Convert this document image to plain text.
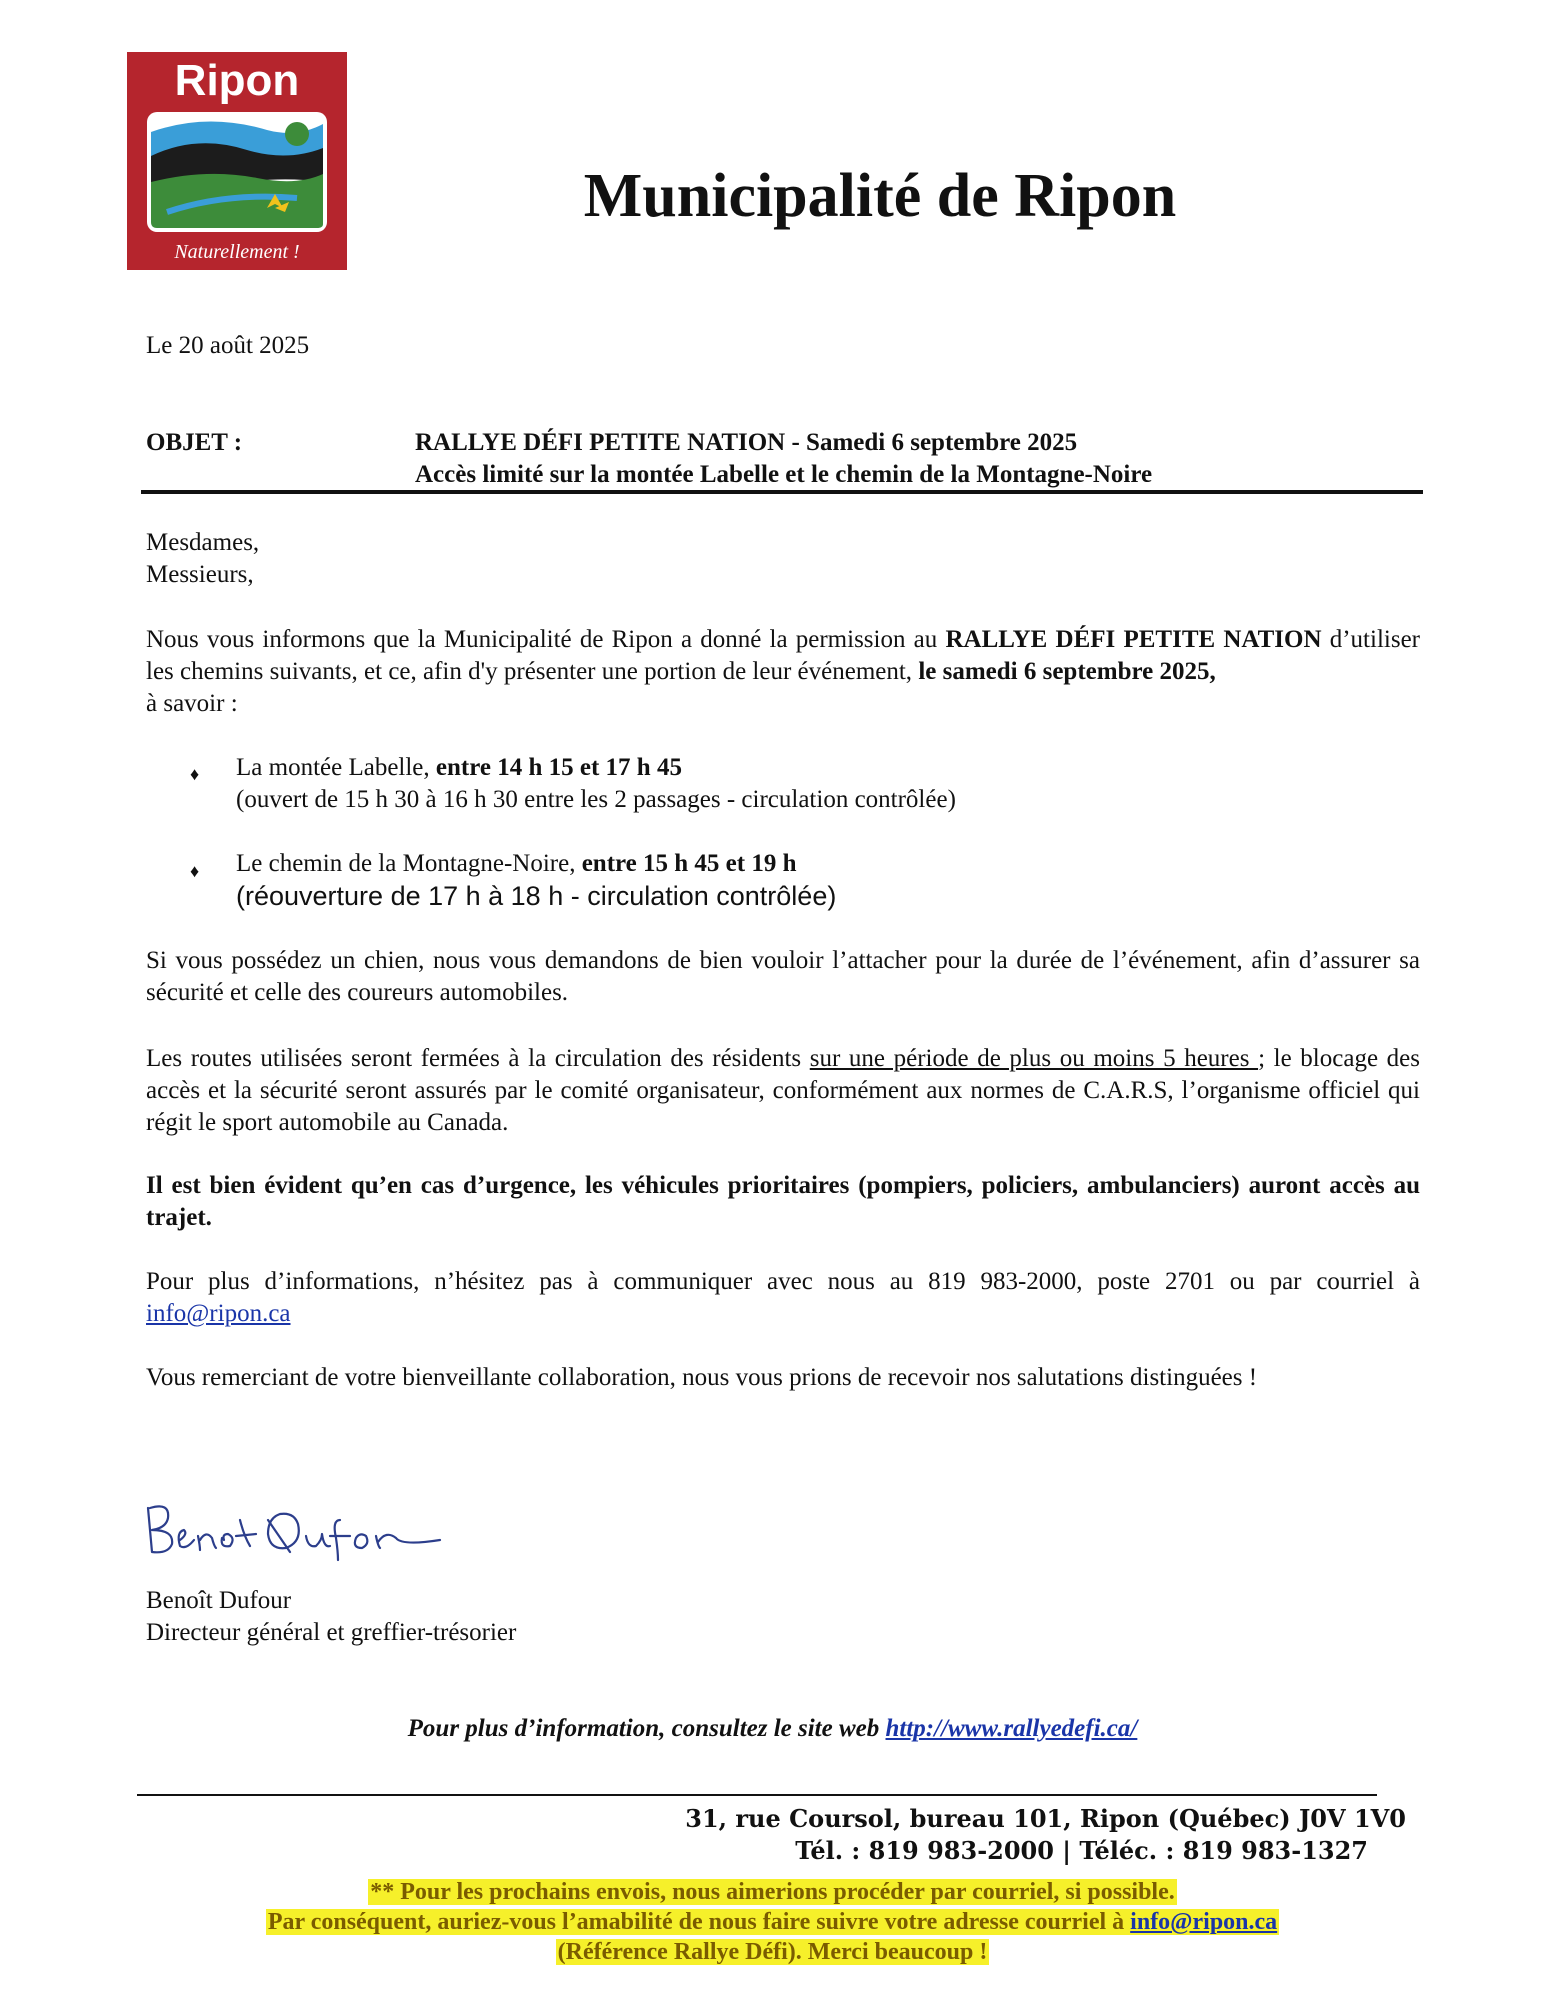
Ripon
Naturellement !
Municipalité de Ripon
Le 20 août 2025
OBJET :	RALLYE DÉFI PETITE NATION - Samedi 6 septembre 2025
Accès limité sur la montée Labelle et le chemin de la Montagne-Noire
Mesdames,
Messieurs,
Nous vous informons que la Municipalité de Ripon a donné la permission au RALLYE DÉFI PETITE NATION d’utiliser les chemins suivants, et ce, afin d'y présenter une portion de leur événement, le samedi 6 septembre 2025,
à savoir :
♦ La montée Labelle, entre 14 h 15 et 17 h 45
(ouvert de 15 h 30 à 16 h 30 entre les 2 passages - circulation contrôlée)
♦ Le chemin de la Montagne-Noire, entre 15 h 45 et 19 h
(réouverture de 17 h à 18 h - circulation contrôlée)
Si vous possédez un chien, nous vous demandons de bien vouloir l’attacher pour la durée de l’événement, afin d’assurer sa sécurité et celle des coureurs automobiles.
Les routes utilisées seront fermées à la circulation des résidents sur une période de plus ou moins 5 heures ; le blocage des accès et la sécurité seront assurés par le comité organisateur, conformément aux normes de C.A.R.S, l’organisme officiel qui régit le sport automobile au Canada.
Il est bien évident qu’en cas d’urgence, les véhicules prioritaires (pompiers, policiers, ambulanciers) auront accès au trajet.
Pour plus d’informations, n’hésitez pas à communiquer avec nous au 819 983-2000, poste 2701 ou par courriel à info@ripon.ca
Vous remerciant de votre bienveillante collaboration, nous vous prions de recevoir nos salutations distinguées !
Benoît Dufour
Benoît Dufour
Directeur général et greffier-trésorier
Pour plus d’information, consultez le site web http://www.rallyedefi.ca/
31, rue Coursol, bureau 101, Ripon (Québec) J0V 1V0
Tél. : 819 983-2000 | Téléc. : 819 983-1327
** Pour les prochains envois, nous aimerions procéder par courriel, si possible.
Par conséquent, auriez-vous l’amabilité de nous faire suivre votre adresse courriel à info@ripon.ca
(Référence Rallye Défi). Merci beaucoup !
